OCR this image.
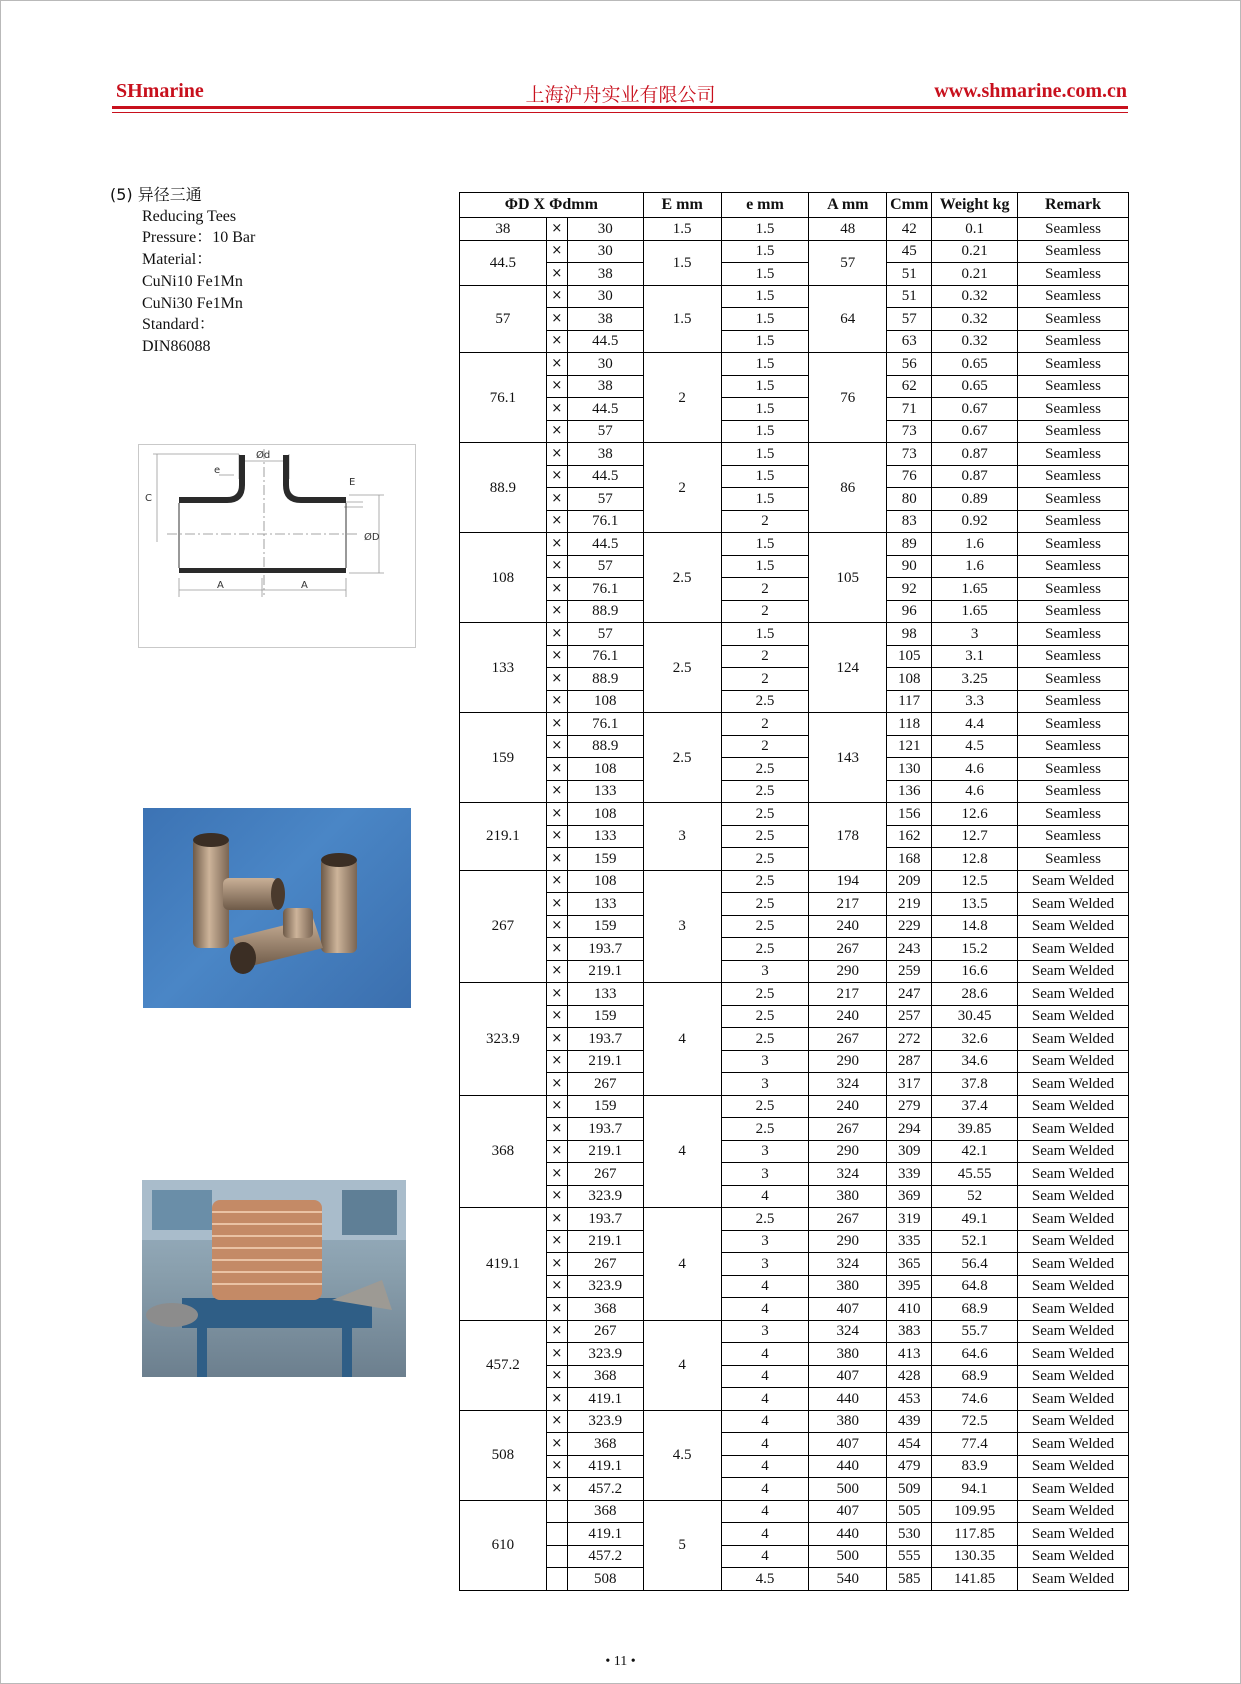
SHmarine	上海沪舟实业有限公司	www.shmarine.com.cn
(5) 异径三通
Reducing Tees
Pressure：10 Bar
Material：
CuNi10 Fe1Mn
CuNi30 Fe1Mn
Standard：
DIN86088
Ød
e
C
E
ØD
A	A
ΦD X Φdmm			E mm	e mm	A mm	Cmm	Weight kg	Remark
38	×	30	1.5	1.5	48	42	0.1	Seamless
44.5	×	30	1.5	1.5	57	45	0.21	Seamless
	×	38		1.5		51	0.21	Seamless
57	×	30	1.5	1.5	64	51	0.32	Seamless
	×	38		1.5		57	0.32	Seamless
	×	44.5		1.5		63	0.32	Seamless
76.1	×	30	2	1.5	76	56	0.65	Seamless
	×	38		1.5		62	0.65	Seamless
	×	44.5		1.5		71	0.67	Seamless
	×	57		1.5		73	0.67	Seamless
88.9	×	38	2	1.5	86	73	0.87	Seamless
	×	44.5		1.5		76	0.87	Seamless
	×	57		1.5		80	0.89	Seamless
	×	76.1		2		83	0.92	Seamless
108	×	44.5	2.5	1.5	105	89	1.6	Seamless
	×	57		1.5		90	1.6	Seamless
	×	76.1		2		92	1.65	Seamless
	×	88.9		2		96	1.65	Seamless
133	×	57	2.5	1.5	124	98	3	Seamless
	×	76.1		2		105	3.1	Seamless
	×	88.9		2		108	3.25	Seamless
	×	108		2.5		117	3.3	Seamless
159	×	76.1	2.5	2	143	118	4.4	Seamless
	×	88.9		2		121	4.5	Seamless
	×	108		2.5		130	4.6	Seamless
	×	133		2.5		136	4.6	Seamless
219.1	×	108	3	2.5	178	156	12.6	Seamless
	×	133		2.5		162	12.7	Seamless
	×	159		2.5		168	12.8	Seamless
267	×	108	3	2.5	194	209	12.5	Seam Welded
	×	133		2.5	217	219	13.5	Seam Welded
	×	159		2.5	240	229	14.8	Seam Welded
	×	193.7		2.5	267	243	15.2	Seam Welded
	×	219.1		3	290	259	16.6	Seam Welded
323.9	×	133	4	2.5	217	247	28.6	Seam Welded
	×	159		2.5	240	257	30.45	Seam Welded
	×	193.7		2.5	267	272	32.6	Seam Welded
	×	219.1		3	290	287	34.6	Seam Welded
	×	267		3	324	317	37.8	Seam Welded
368	×	159	4	2.5	240	279	37.4	Seam Welded
	×	193.7		2.5	267	294	39.85	Seam Welded
	×	219.1		3	290	309	42.1	Seam Welded
	×	267		3	324	339	45.55	Seam Welded
	×	323.9		4	380	369	52	Seam Welded
419.1	×	193.7	4	2.5	267	319	49.1	Seam Welded
	×	219.1		3	290	335	52.1	Seam Welded
	×	267		3	324	365	56.4	Seam Welded
	×	323.9		4	380	395	64.8	Seam Welded
	×	368		4	407	410	68.9	Seam Welded
457.2	×	267	4	3	324	383	55.7	Seam Welded
	×	323.9		4	380	413	64.6	Seam Welded
	×	368		4	407	428	68.9	Seam Welded
	×	419.1		4	440	453	74.6	Seam Welded
508	×	323.9	4.5	4	380	439	72.5	Seam Welded
	×	368		4	407	454	77.4	Seam Welded
	×	419.1		4	440	479	83.9	Seam Welded
	×	457.2		4	500	509	94.1	Seam Welded
610		368	5	4	407	505	109.95	Seam Welded
		419.1		4	440	530	117.85	Seam Welded
		457.2		4	500	555	130.35	Seam Welded
		508		4.5	540	585	141.85	Seam Welded
• 11 •
